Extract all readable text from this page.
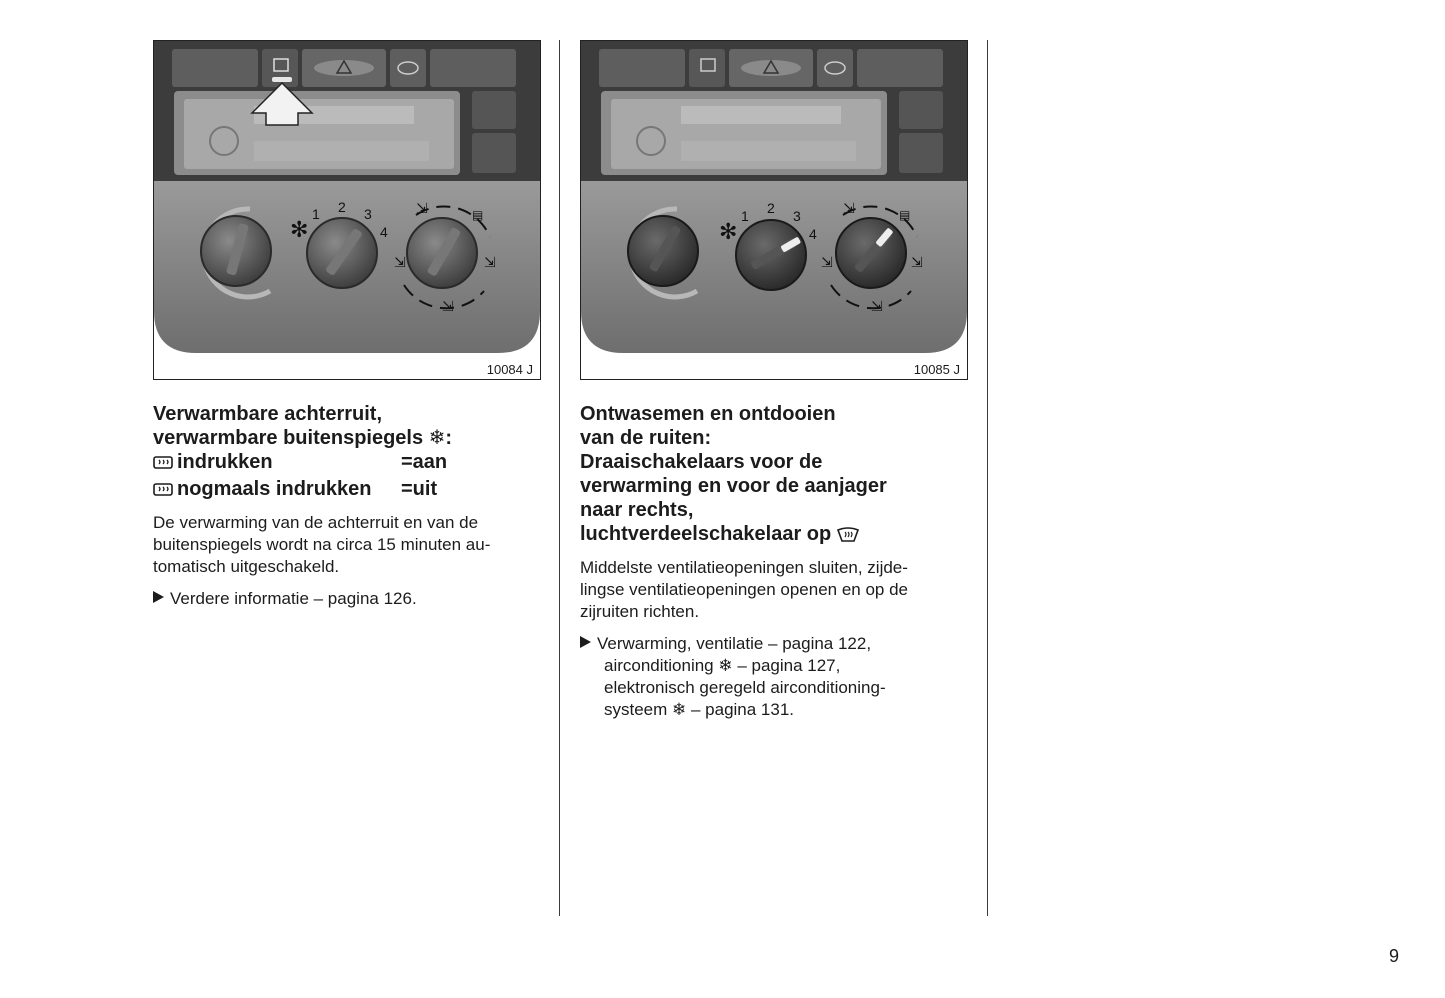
✻
1 2 3
4
⇲	▤
⇲	⇲
⇲
10084 J
Verwarmbare achterruit,
verwarmbare buitenspiegels ❄:
indrukken	=aan
nogmaals indrukken	=uit
De verwarming van de achterruit en van de
buitenspiegels wordt na circa 15 minuten au-
tomatisch uitgeschakeld.
Verdere informatie – pagina 126.
✻
1 2 3
4
⇲	▤
⇲	⇲
⇲
10085 J
Ontwasemen en ontdooien
van de ruiten:
Draaischakelaars voor de
verwarming en voor de aanjager
naar rechts,
luchtverdeelschakelaar op
Middelste ventilatieopeningen sluiten, zijde-
lingse ventilatieopeningen openen en op de
zijruiten richten.
Verwarming, ventilatie – pagina 122,
airconditioning ❄ – pagina 127,
elektronisch geregeld airconditioning-
systeem ❄ – pagina 131.
9
